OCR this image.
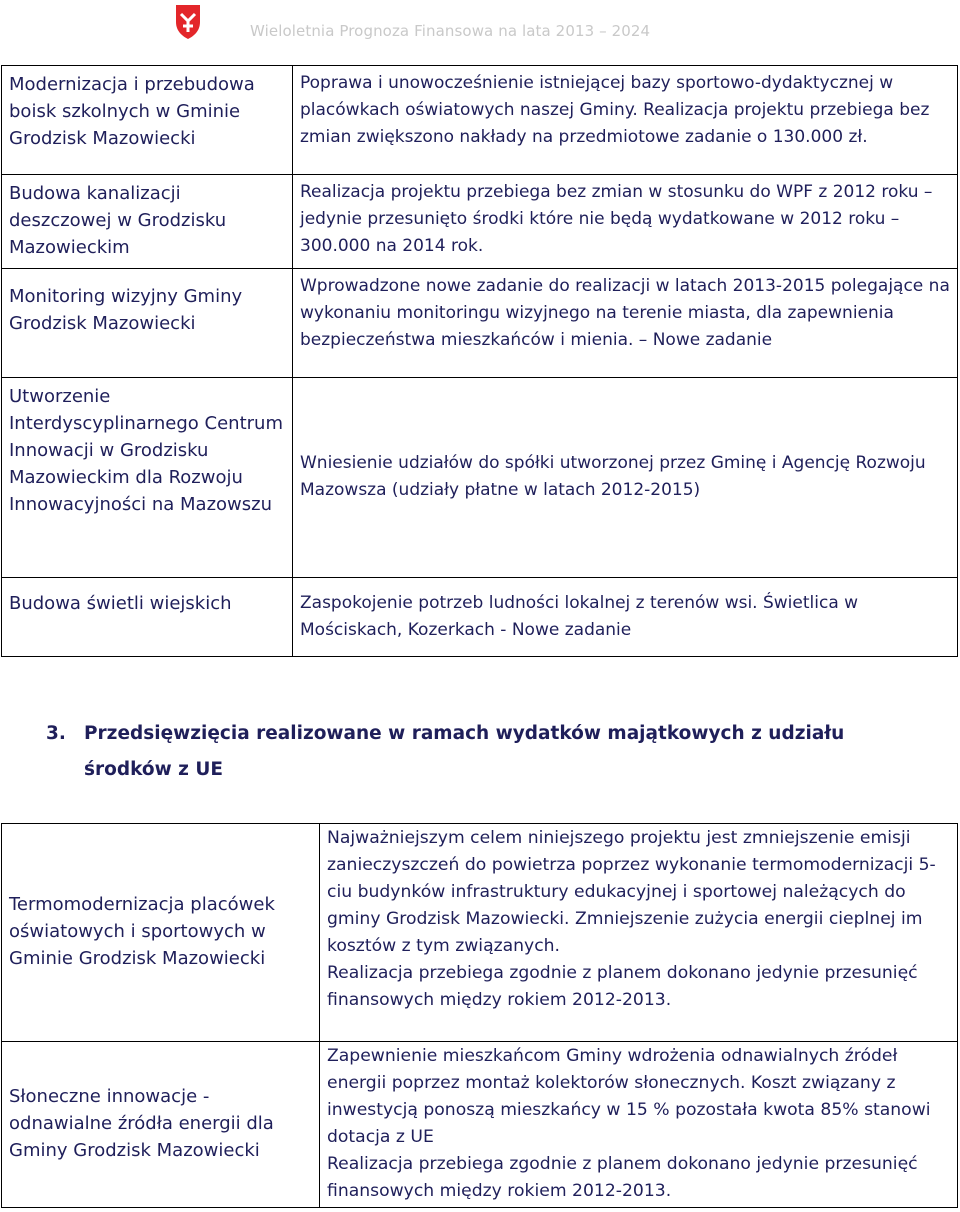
Wieloletnia Prognoza Finansowa na lata 2013 – 2024
Modernizacja i przebudowa boisk szkolnych w Gminie Grodzisk Mazowiecki	Poprawa i unowocześnienie istniejącej bazy sportowo-dydaktycznej w placówkach oświatowych naszej Gminy. Realizacja projektu przebiega bez zmian zwiększono nakłady na przedmiotowe zadanie o 130.000 zł.
Budowa kanalizacji deszczowej w Grodzisku Mazowieckim	Realizacja projektu przebiega bez zmian w stosunku do WPF z 2012 roku – jedynie przesunięto środki które nie będą wydatkowane w 2012 roku – 300.000 na 2014 rok.
Monitoring wizyjny Gminy Grodzisk Mazowiecki	Wprowadzone nowe zadanie do realizacji w latach 2013-2015 polegające na wykonaniu monitoringu wizyjnego na terenie miasta, dla zapewnienia bezpieczeństwa mieszkańców i mienia. – Nowe zadanie
Utworzenie Interdyscyplinarnego Centrum Innowacji w Grodzisku Mazowieckim dla Rozwoju Innowacyjności na Mazowszu	Wniesienie udziałów do spółki utworzonej przez Gminę i Agencję Rozwoju Mazowsza (udziały płatne w latach 2012-2015)
Budowa świetli wiejskich	Zaspokojenie potrzeb ludności lokalnej z terenów wsi. Świetlica w Mościskach, Kozerkach - Nowe zadanie
3. Przedsięwzięcia realizowane w ramach wydatków majątkowych z udziału
środków z UE
Termomodernizacja placówek oświatowych i sportowych w Gminie Grodzisk Mazowiecki	Najważniejszym celem niniejszego projektu jest zmniejszenie emisji zanieczyszczeń do powietrza poprzez wykonanie termomodernizacji 5-ciu budynków infrastruktury edukacyjnej i sportowej należących do gminy Grodzisk Mazowiecki. Zmniejszenie zużycia energii cieplnej im kosztów z tym związanych.
Realizacja przebiega zgodnie z planem dokonano jedynie przesunięć finansowych między rokiem 2012-2013.

Słoneczne innowacje - odnawialne źródła energii dla Gminy Grodzisk Mazowiecki	Zapewnienie mieszkańcom Gminy wdrożenia odnawialnych źródeł energii poprzez montaż kolektorów słonecznych. Koszt związany z inwestycją ponoszą mieszkańcy w 15 % pozostała kwota 85% stanowi dotacja z UE
Realizacja przebiega zgodnie z planem dokonano jedynie przesunięć finansowych między rokiem 2012-2013.
